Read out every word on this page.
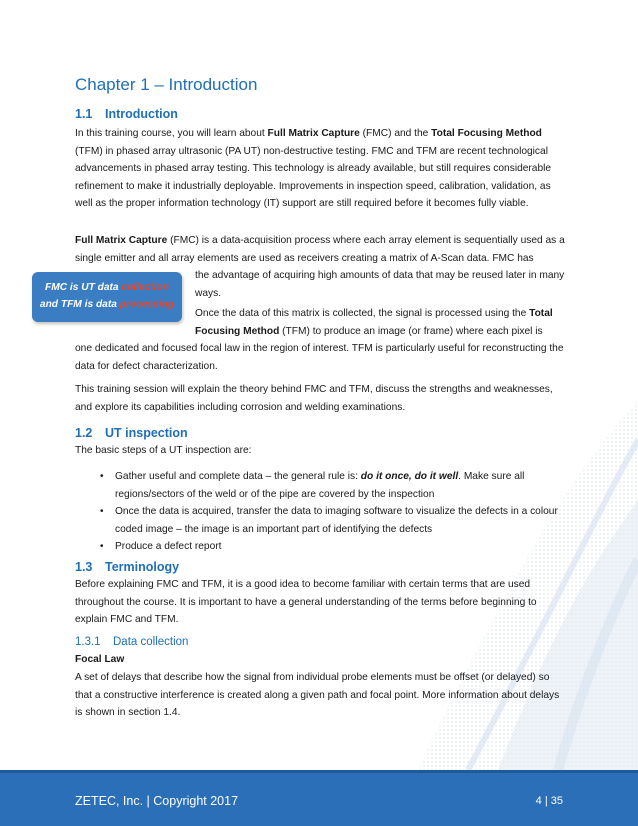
Chapter 1 – Introduction
1.1 Introduction

In this training course, you will learn about Full Matrix Capture (FMC) and the Total Focusing Method (TFM) in phased array ultrasonic (PA UT) non-destructive testing. FMC and TFM are recent technological advancements in phased array testing. This technology is already available, but still requires considerable refinement to make it industrially deployable. Improvements in inspection speed, calibration, validation, as well as the proper information technology (IT) support are still required before it becomes fully viable.

Full Matrix Capture (FMC) is a data-acquisition process where each array element is sequentially used as a single emitter and all array elements are used as receivers creating a matrix of A-Scan data. FMC has

the advantage of acquiring high amounts of data that may be reused later in many ways.

Once the data of this matrix is collected, the signal is processed using the Total Focusing Method (TFM) to produce an image (or frame) where each pixel is

one dedicated and focused focal law in the region of interest. TFM is particularly useful for reconstructing the data for defect characterization.

This training session will explain the theory behind FMC and TFM, discuss the strengths and weaknesses, and explore its capabilities including corrosion and welding examinations.

FMC is UT data collection
and TFM is data processing
1.2 UT inspection

The basic steps of a UT inspection are:

• Gather useful and complete data – the general rule is: do it once, do it well. Make sure all regions/sectors of the weld or of the pipe are covered by the inspection
• Once the data is acquired, transfer the data to imaging software to visualize the defects in a colour coded image – the image is an important part of identifying the defects
• Produce a defect report
1.3 Terminology

Before explaining FMC and TFM, it is a good idea to become familiar with certain terms that are used throughout the course. It is important to have a general understanding of the terms before beginning to explain FMC and TFM.

1.3.1 Data collection
Focal Law

A set of delays that describe how the signal from individual probe elements must be offset (or delayed) so that a constructive interference is created along a given path and focal point. More information about delays is shown in section 1.4.

ZETEC, Inc. | Copyright 2017	4 | 35
